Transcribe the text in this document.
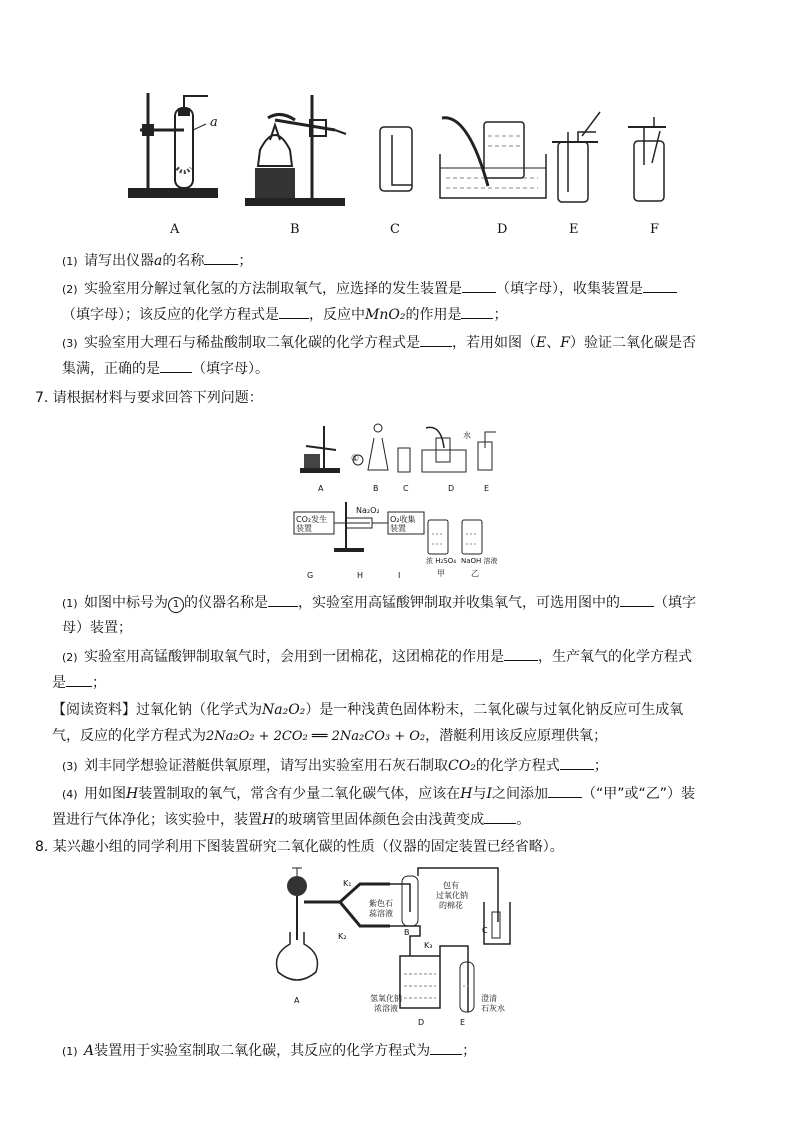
a
A	B	C	D	E	F
(1) 请写出仪器a的名称 ；
(2) 实验室用分解过氧化氢的方法制取氧气，应选择的发生装置是 （填字母），收集装置是
（填字母）；该反应的化学方程式是 ，反应中MnO₂的作用是 ；
(3) 实验室用大理石与稀盐酸制取二氧化碳的化学方程式是 ，若用如图（E、F）验证二氧化碳是否
集满，正确的是 （填字母）。
7. 请根据材料与要求回答下列问题：
①
水
A	B	C	D	E
CO₂发生装置
Na₂O₂
O₂收集装置
浓 H₂SO₄ NaOH 溶液
G	H	I	甲	乙
(1) 如图中标号为 1 的仪器名称是 ，实验室用高锰酸钾制取并收集氧气，可选用图中的 （填字
母）装置；
(2) 实验室用高锰酸钾制取氧气时，会用到一团棉花，这团棉花的作用是 ，生产氧气的化学方程式
是 ；
【阅读资料】过氧化钠（化学式为Na₂O₂）是一种浅黄色固体粉末，二氧化碳与过氧化钠反应可生成氧
气，反应的化学方程式为2Na₂O₂ + 2CO₂ ══ 2Na₂CO₃ + O₂，潜艇利用该反应原理供氧；
(3) 刘丰同学想验证潜艇供氧原理，请写出实验室用石灰石制取CO₂的化学方程式 ；
(4) 用如图H装置制取的氧气，常含有少量二氧化碳气体，应该在H与I之间添加 （“甲”或“乙”）装
置进行气体净化；该实验中，装置H的玻璃管里固体颜色会由浅黄变成 。
8. 某兴趣小组的同学利用下图装置研究二氧化碳的性质（仪器的固定装置已经省略）。
K₁
K₂
K₃
紫色石
蕊溶液
包有
过氧化钠
的棉花
氢氧化钠
浓溶液
澄清
石灰水
A
B	C
D	E
(1) A装置用于实验室制取二氧化碳，其反应的化学方程式为 ；
